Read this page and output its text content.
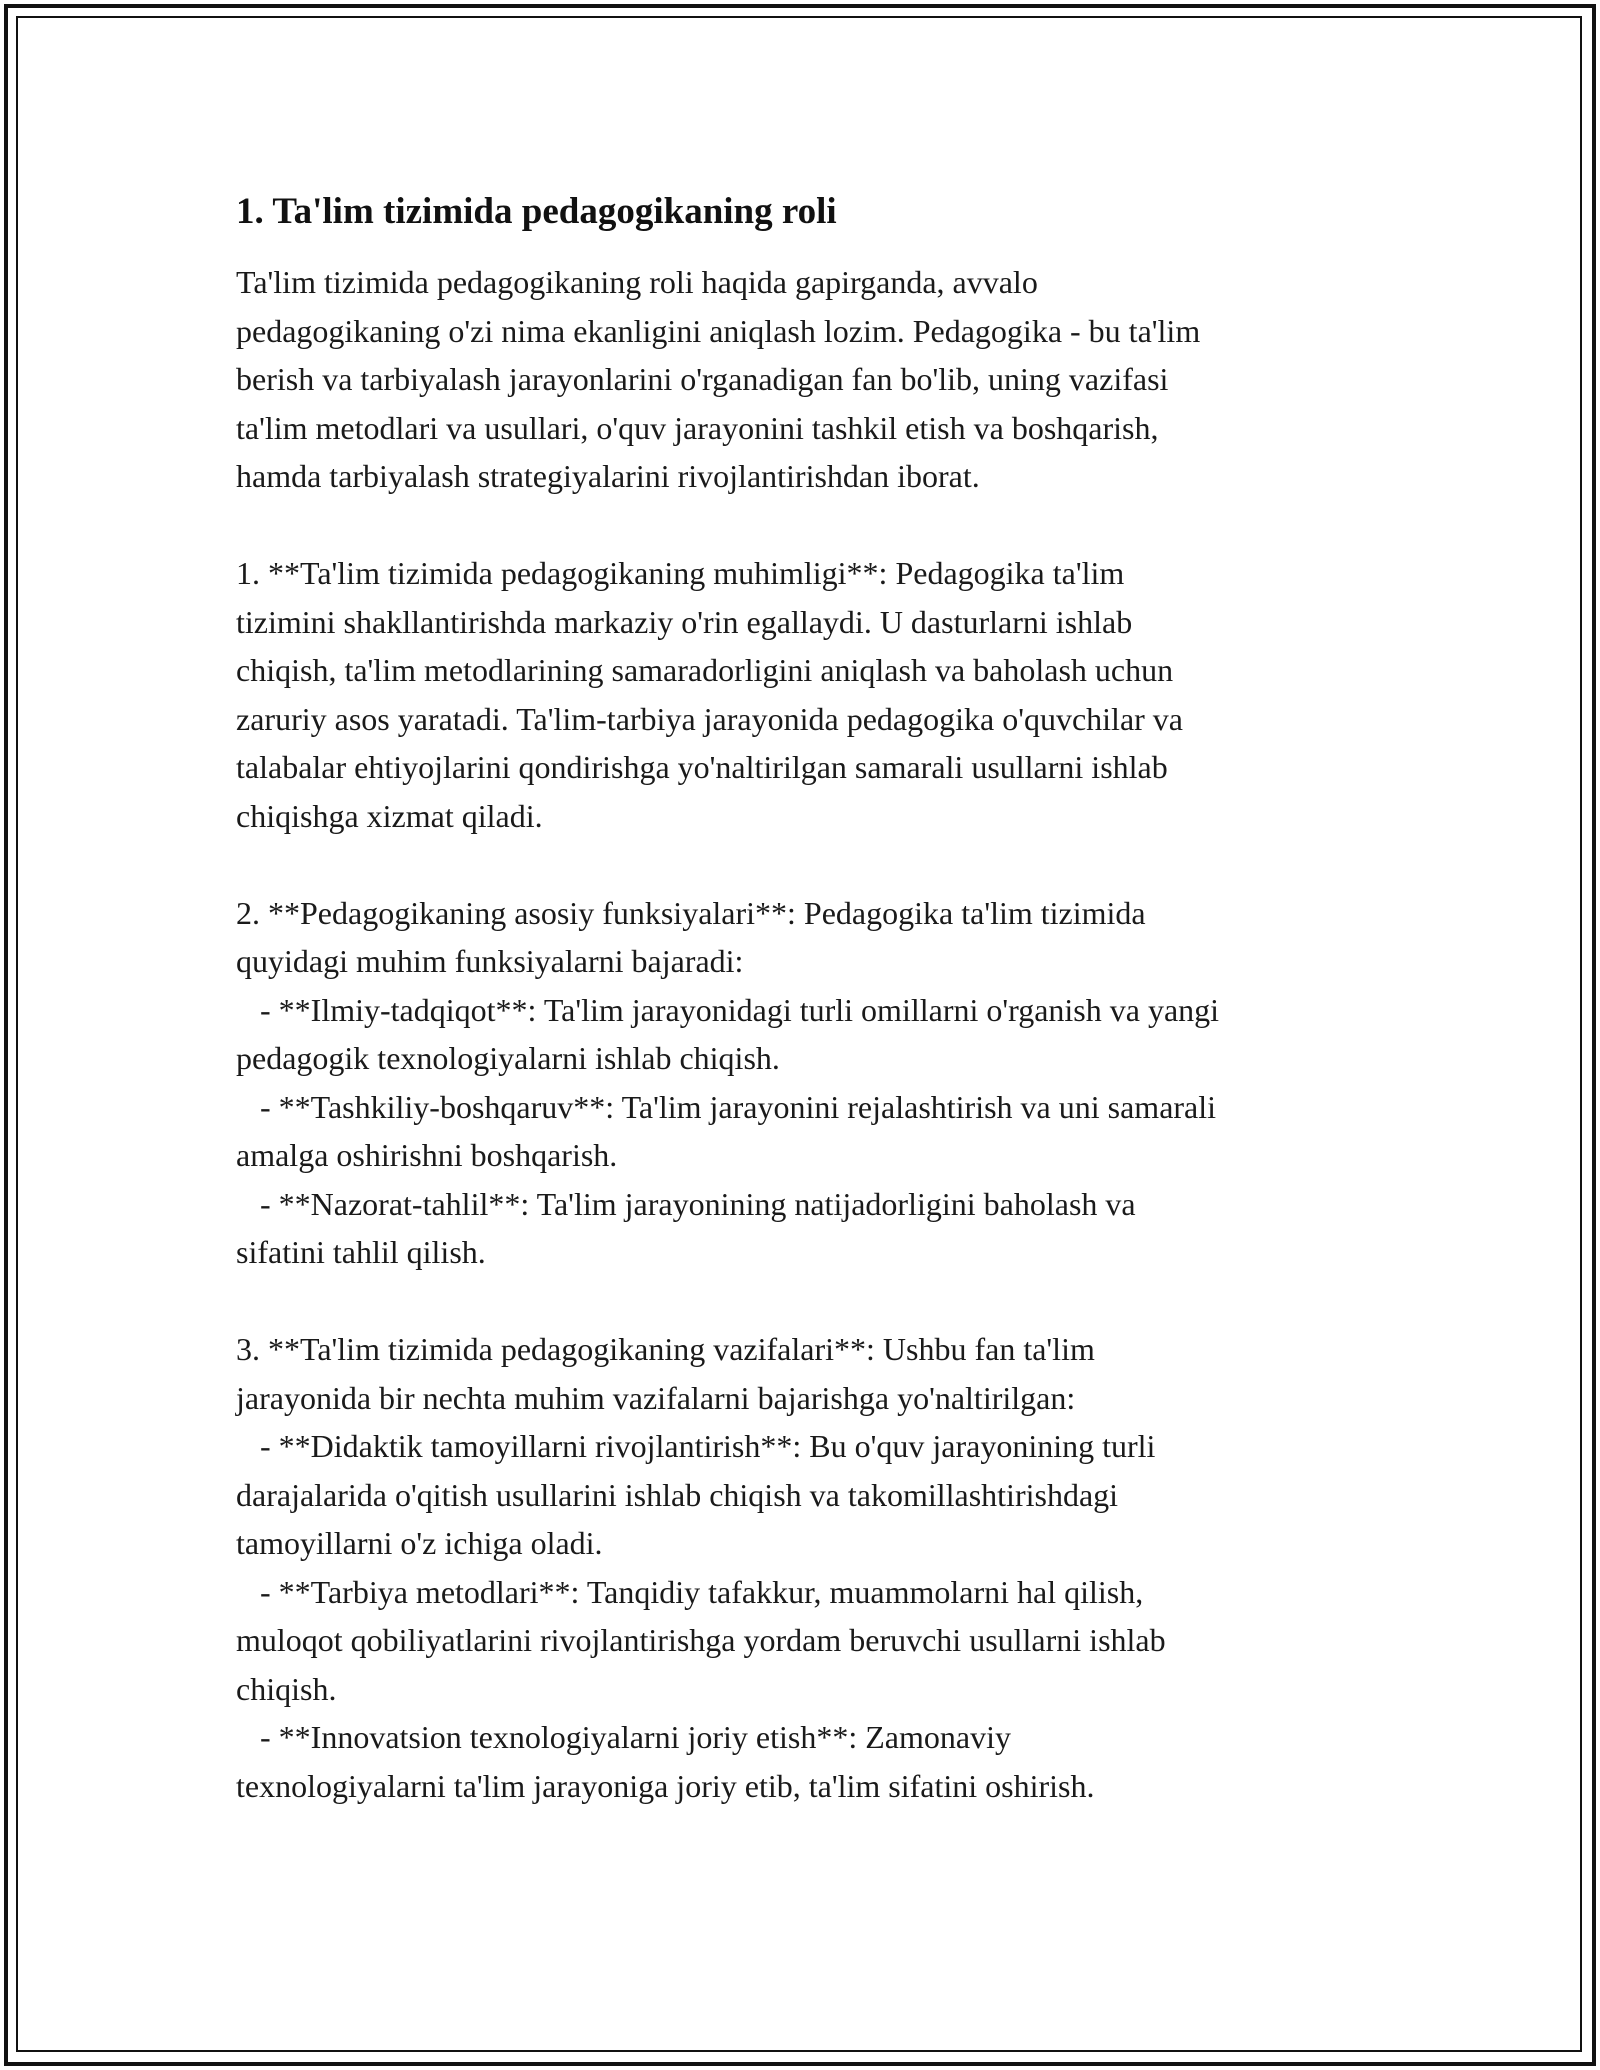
1. Ta'lim tizimida pedagogikaning roli

Ta'lim tizimida pedagogikaning roli haqida gapirganda, avvalo
pedagogikaning o'zi nima ekanligini aniqlash lozim. Pedagogika - bu ta'lim
berish va tarbiyalash jarayonlarini o'rganadigan fan bo'lib, uning vazifasi
ta'lim metodlari va usullari, o'quv jarayonini tashkil etish va boshqarish,
hamda tarbiyalash strategiyalarini rivojlantirishdan iborat.

1. **Ta'lim tizimida pedagogikaning muhimligi**: Pedagogika ta'lim
tizimini shakllantirishda markaziy o'rin egallaydi. U dasturlarni ishlab
chiqish, ta'lim metodlarining samaradorligini aniqlash va baholash uchun
zaruriy asos yaratadi. Ta'lim-tarbiya jarayonida pedagogika o'quvchilar va
talabalar ehtiyojlarini qondirishga yo'naltirilgan samarali usullarni ishlab
chiqishga xizmat qiladi.

2. **Pedagogikaning asosiy funksiyalari**: Pedagogika ta'lim tizimida
quyidagi muhim funksiyalarni bajaradi:
- **Ilmiy-tadqiqot**: Ta'lim jarayonidagi turli omillarni o'rganish va yangi
pedagogik texnologiyalarni ishlab chiqish.
- **Tashkiliy-boshqaruv**: Ta'lim jarayonini rejalashtirish va uni samarali
amalga oshirishni boshqarish.
- **Nazorat-tahlil**: Ta'lim jarayonining natijadorligini baholash va
sifatini tahlil qilish.

3. **Ta'lim tizimida pedagogikaning vazifalari**: Ushbu fan ta'lim
jarayonida bir nechta muhim vazifalarni bajarishga yo'naltirilgan:
- **Didaktik tamoyillarni rivojlantirish**: Bu o'quv jarayonining turli
darajalarida o'qitish usullarini ishlab chiqish va takomillashtirishdagi
tamoyillarni o'z ichiga oladi.
- **Tarbiya metodlari**: Tanqidiy tafakkur, muammolarni hal qilish,
muloqot qobiliyatlarini rivojlantirishga yordam beruvchi usullarni ishlab
chiqish.
- **Innovatsion texnologiyalarni joriy etish**: Zamonaviy
texnologiyalarni ta'lim jarayoniga joriy etib, ta'lim sifatini oshirish.
